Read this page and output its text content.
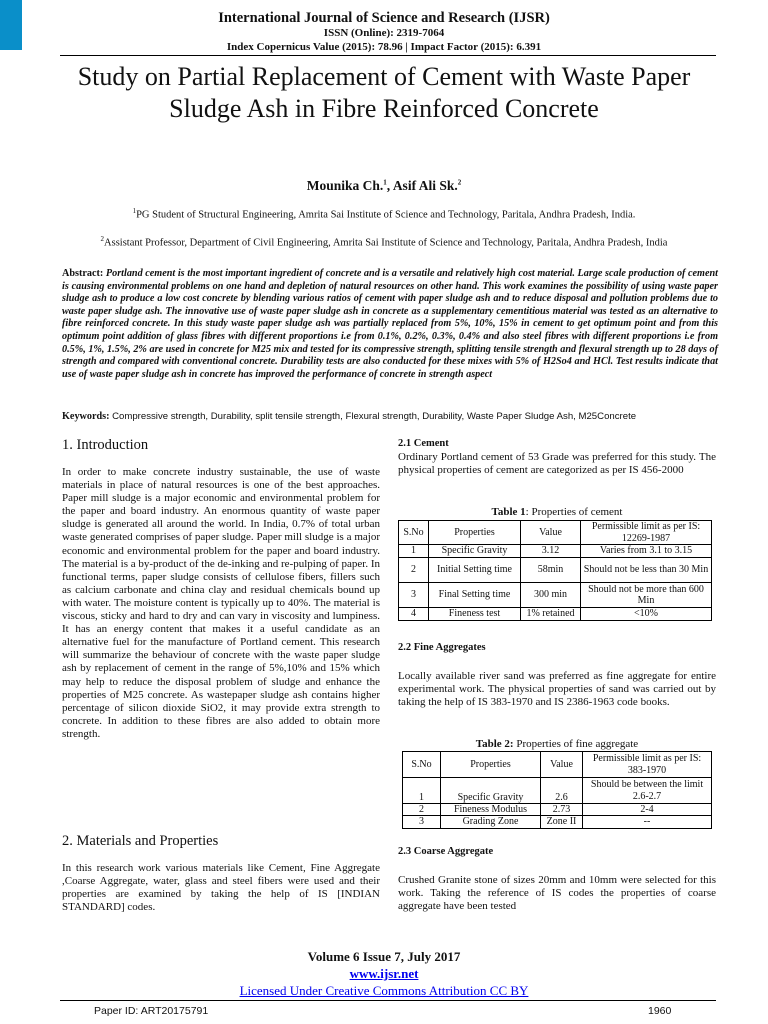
International Journal of Science and Research (IJSR)
ISSN (Online): 2319-7064
Index Copernicus Value (2015): 78.96 | Impact Factor (2015): 6.391
Study on Partial Replacement of Cement with Waste Paper Sludge Ash in Fibre Reinforced Concrete
Mounika Ch.$^1$, Asif Ali Sk.$^2$
$^1$PG Student of Structural Engineering, Amrita Sai Institute of Science and Technology, Paritala, Andhra Pradesh, India.
$^2$Assistant Professor, Department of Civil Engineering, Amrita Sai Institute of Science and Technology, Paritala, Andhra Pradesh, India
Abstract: Portland cement is the most important ingredient of concrete and is a versatile and relatively high cost material. Large scale production of cement is causing environmental problems on one hand and depletion of natural resources on other hand. This work examines the possibility of using waste paper sludge ash to produce a low cost concrete by blending various ratios of cement with paper sludge ash and to reduce disposal and pollution problems due to waste paper sludge ash. The innovative use of waste paper sludge ash in concrete as a supplementary cementitious material was tested as an alternative to fibre reinforced concrete. In this study waste paper sludge ash was partially replaced from 5%, 10%, 15% in cement to get optimum point and from this optimum point addition of glass fibres with different proportions i.e from 0.1%, 0.2%, 0.3%, 0.4% and also steel fibres with different proportions i.e from 0.5%, 1%, 1.5%, 2% are used in concrete for M25 mix and tested for its compressive strength, splitting tensile strength and flexural strength up to 28 days of strength and compared with conventional concrete. Durability tests are also conducted for these mixes with 5% of H2So4 and HCl. Test results indicate that use of waste paper sludge ash in concrete has improved the performance of concrete in strength aspect
Keywords: Compressive strength, Durability, split tensile strength, Flexural strength, Durability, Waste Paper Sludge Ash, M25Concrete
1. Introduction
In order to make concrete industry sustainable, the use of waste materials in place of natural resources is one of the best approaches. Paper mill sludge is a major economic and environmental problem for the paper and board industry. An enormous quantity of waste paper sludge is generated all around the world. In India, 0.7% of total urban waste generated comprises of paper sludge. Paper mill sludge is a major economic and environmental problem for the paper and board industry. The material is a by-product of the de-inking and re-pulping of paper. In functional terms, paper sludge consists of cellulose fibers, fillers such as calcium carbonate and china clay and residual chemicals bound up with water. The moisture content is typically up to 40%. The material is viscous, sticky and hard to dry and can vary in viscosity and lumpiness. It has an energy content that makes it a useful candidate as an alternative fuel for the manufacture of Portland cement. This research will summarize the behaviour of concrete with the waste paper sludge ash by replacement of cement in the range of 5%,10% and 15% which may help to reduce the disposal problem of sludge and enhance the properties of M25 concrete. As wastepaper sludge ash contains higher percentage of silicon dioxide SiO2, it may provide extra strength to concrete. In addition to these fibres are also added to obtain more strength.
2. Materials and Properties
In this research work various materials like Cement, Fine Aggregate ,Coarse Aggregate, water, glass and steel fibers were used and their properties are examined by taking the help of IS [INDIAN STANDARD] codes.
2.1 Cement
Ordinary Portland cement of 53 Grade was preferred for this study. The physical properties of cement are categorized as per IS 456-2000
Table 1: Properties of cement
S.No	Properties	Value	Permissible limit as per IS: 12269-1987
1	Specific Gravity	3.12	Varies from 3.1 to 3.15
2	Initial Setting time	58min	Should not be less than 30 Min
3	Final Setting time	300 min	Should not be more than 600 Min
4	Fineness test	1% retained	<10%
2.2 Fine Aggregates
Locally available river sand was preferred as fine aggregate for entire experimental work. The physical properties of sand was carried out by taking the help of IS 383-1970 and IS 2386-1963 code books.
Table 2: Properties of fine aggregate
S.No	Properties	Value	Permissible limit as per IS: 383-1970
1	Specific Gravity	2.6	Should be between the limit 2.6-2.7
2	Fineness Modulus	2.73	2-4
3	Grading Zone	Zone II	--
2.3 Coarse Aggregate
Crushed Granite stone of sizes 20mm and 10mm were selected for this work. Taking the reference of IS codes the properties of coarse aggregate have been tested
Volume 6 Issue 7, July 2017
www.ijsr.net
Licensed Under Creative Commons Attribution CC BY
Paper ID: ART20175791	1960
